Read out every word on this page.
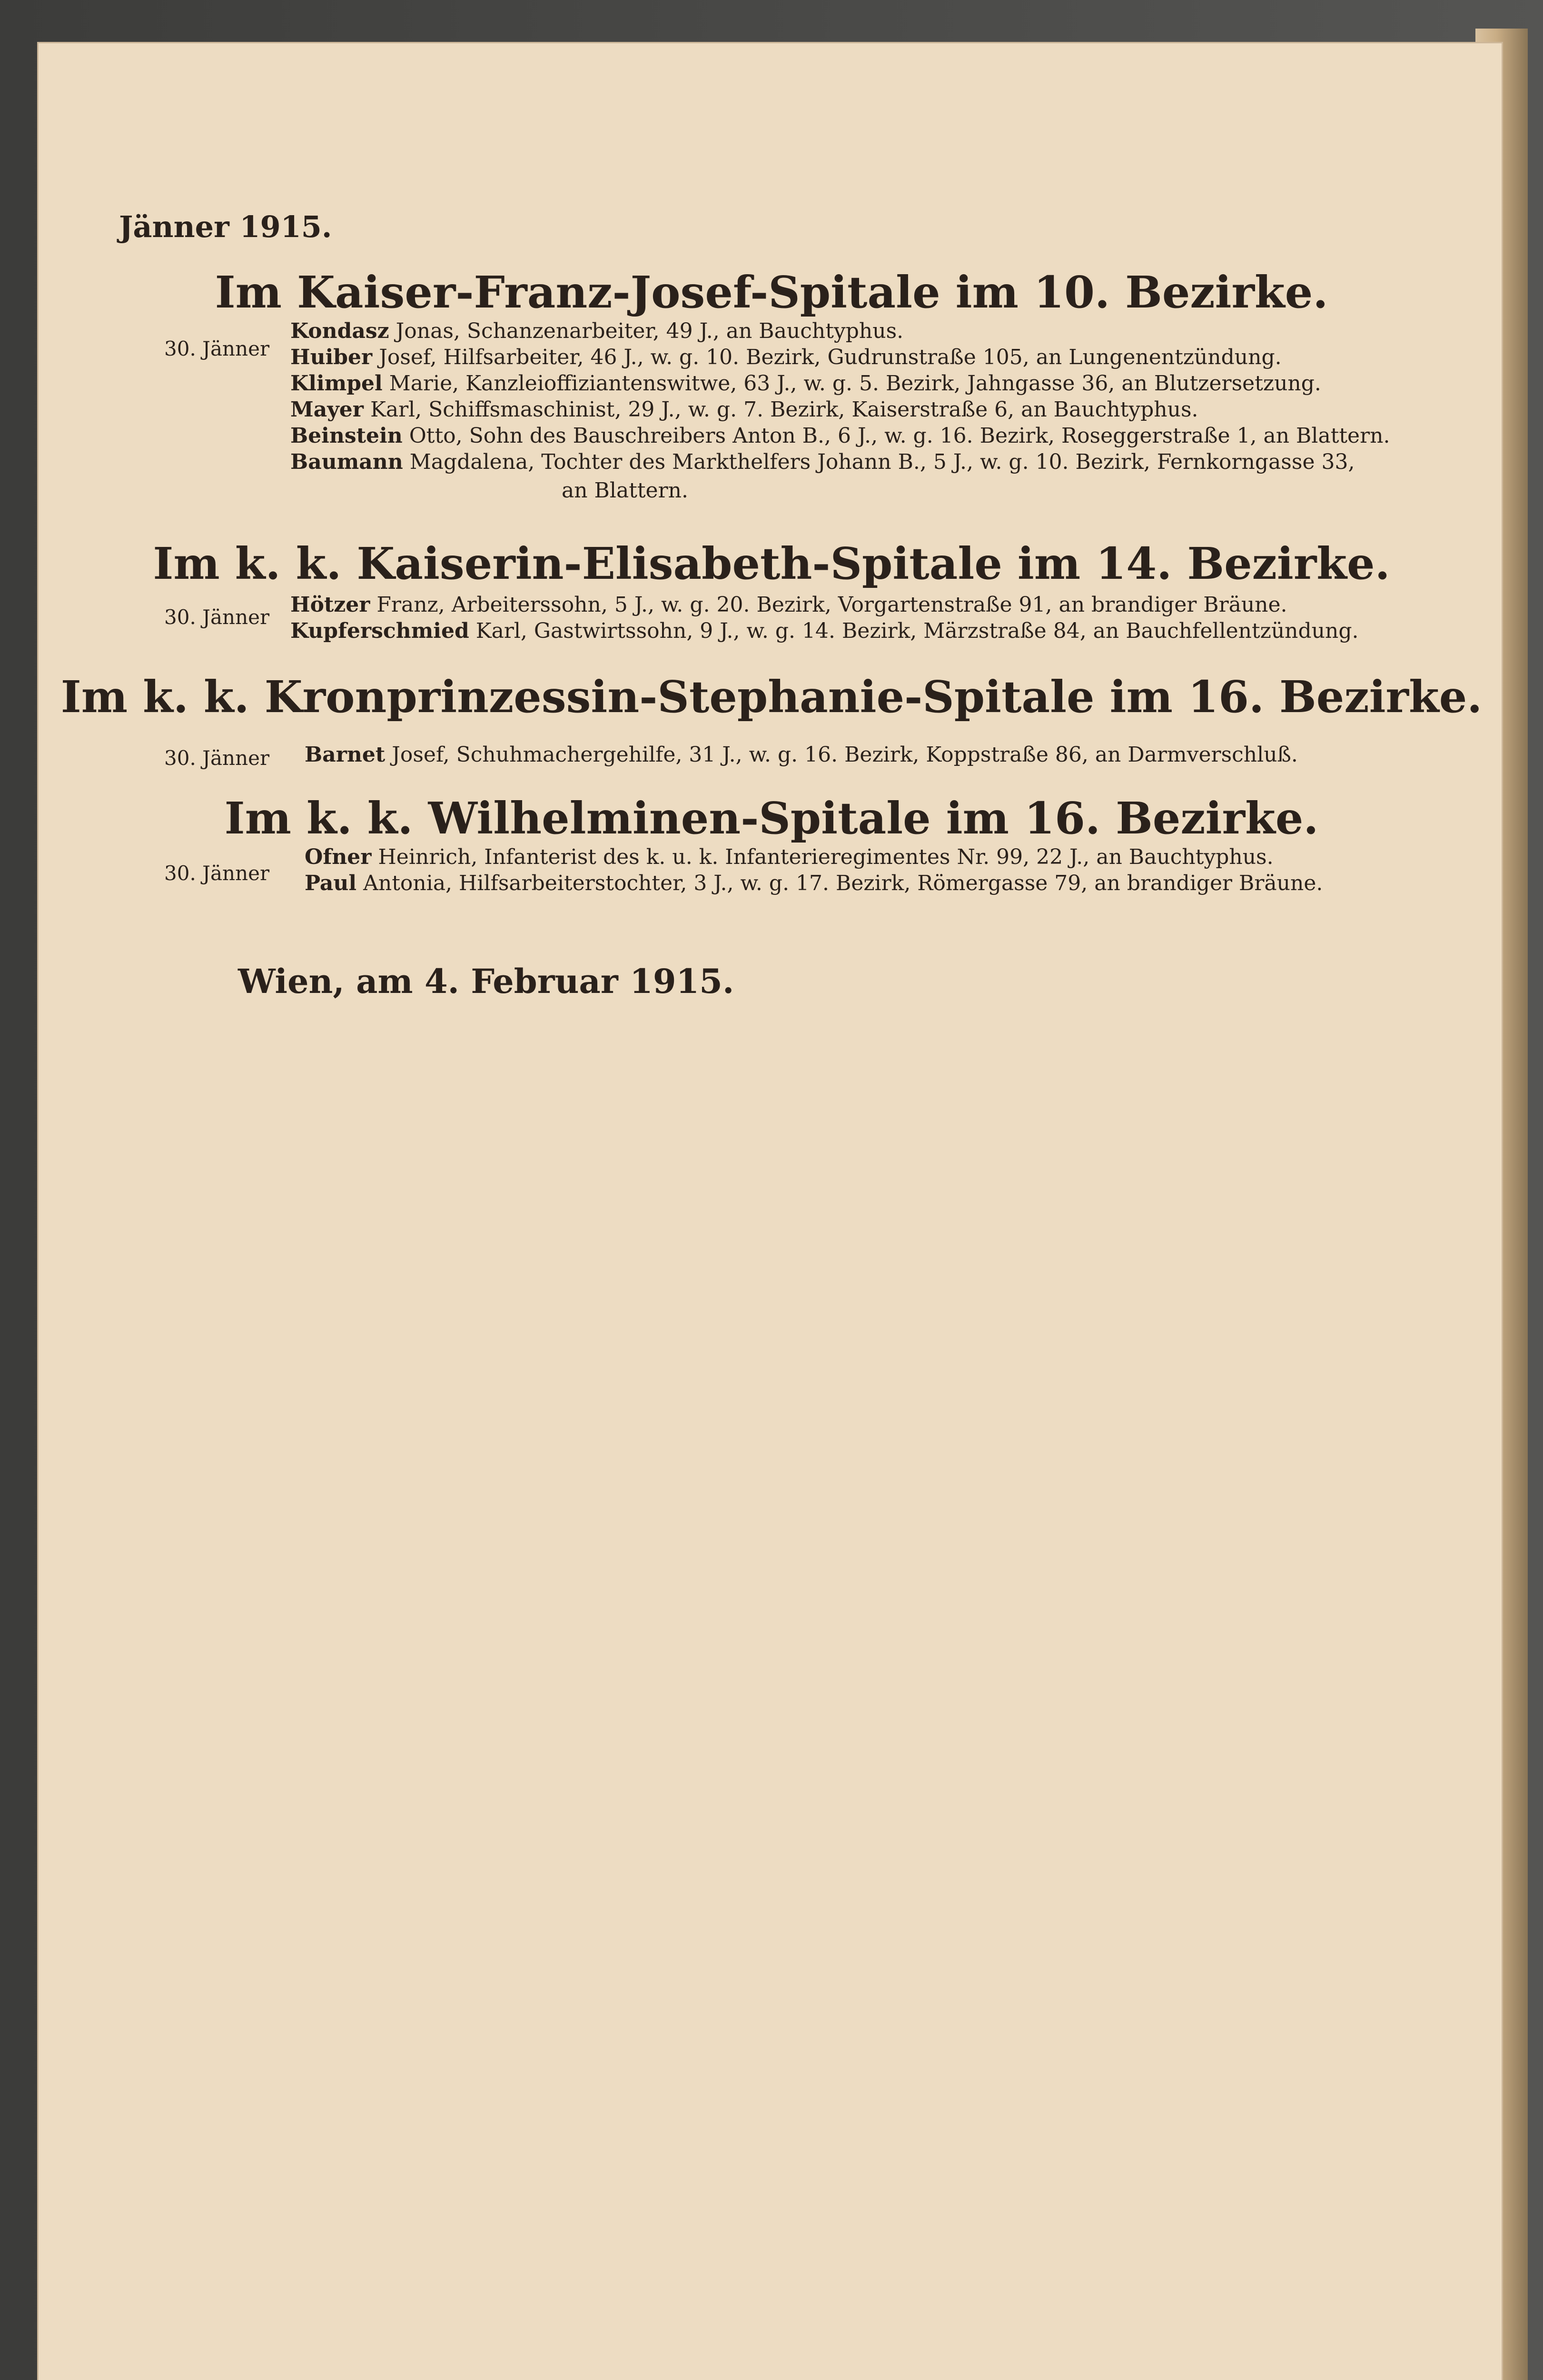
Jänner 1915.
Im Kaiser-Franz-Josef-Spitale im 10. Bezirke.
30. Jänner
Kondasz Jonas, Schanzenarbeiter, 49 J., an Bauchtyphus.
Huiber Josef, Hilfsarbeiter, 46 J., w. g. 10. Bezirk, Gudrunstraße 105, an Lungenentzündung.
Klimpel Marie, Kanzleioffiziantenswitwe, 63 J., w. g. 5. Bezirk, Jahngasse 36, an Blutzersetzung.
Mayer Karl, Schiffsmaschinist, 29 J., w. g. 7. Bezirk, Kaiserstraße 6, an Bauchtyphus.
Beinstein Otto, Sohn des Bauschreibers Anton B., 6 J., w. g. 16. Bezirk, Roseggerstraße 1, an Blattern.
Baumann Magdalena, Tochter des Markthelfers Johann B., 5 J., w. g. 10. Bezirk, Fernkorngasse 33,
an Blattern.
Im k. k. Kaiserin-Elisabeth-Spitale im 14. Bezirke.
30. Jänner
Hötzer Franz, Arbeiterssohn, 5 J., w. g. 20. Bezirk, Vorgartenstraße 91, an brandiger Bräune.
Kupferschmied Karl, Gastwirtssohn, 9 J., w. g. 14. Bezirk, Märzstraße 84, an Bauchfellentzündung.
Im k. k. Kronprinzessin-Stephanie-Spitale im 16. Bezirke.
30. Jänner Barnet Josef, Schuhmachergehilfe, 31 J., w. g. 16. Bezirk, Koppstraße 86, an Darmverschluß.
Im k. k. Wilhelminen-Spitale im 16. Bezirke.
30. Jänner
Ofner Heinrich, Infanterist des k. u. k. Infanterieregimentes Nr. 99, 22 J., an Bauchtyphus.
Paul Antonia, Hilfsarbeiterstochter, 3 J., w. g. 17. Bezirk, Römergasse 79, an brandiger Bräune.
Wien, am 4. Februar 1915.
